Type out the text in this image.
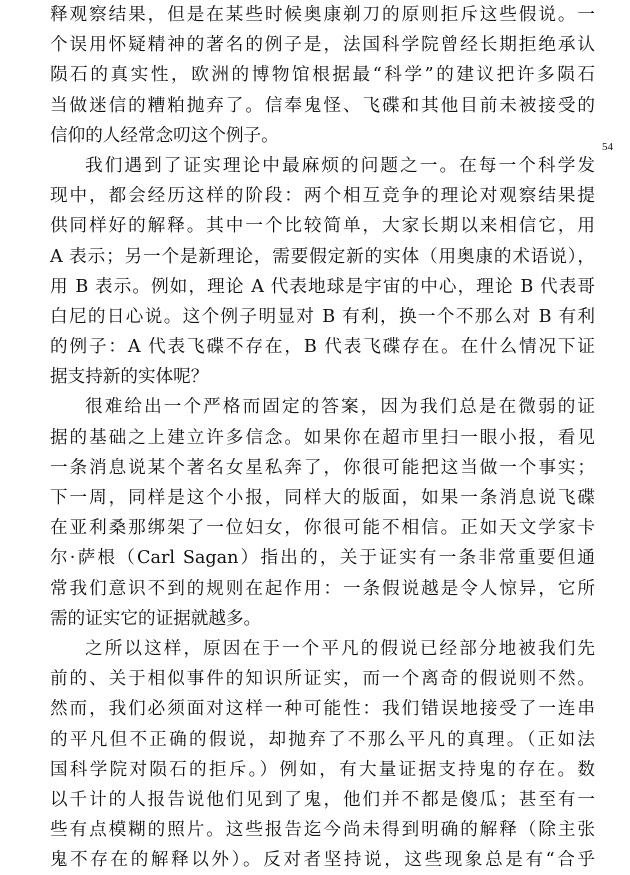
释观察结果，但是在某些时候奥康剃刀的原则拒斥这些假说。一
个误用怀疑精神的著名的例子是，法国科学院曾经长期拒绝承认
陨石的真实性，欧洲的博物馆根据最“科学”的建议把许多陨石
当做迷信的糟粕抛弃了。信奉鬼怪、飞碟和其他目前未被接受的
信仰的人经常念叨这个例子。
我们遇到了证实理论中最麻烦的问题之一。在每一个科学发
现中，都会经历这样的阶段：两个相互竞争的理论对观察结果提
供同样好的解释。其中一个比较简单，大家长期以来相信它，用
A 表示；另一个是新理论，需要假定新的实体（用奥康的术语说），
用 B 表示。例如，理论 A 代表地球是宇宙的中心，理论 B 代表哥
白尼的日心说。这个例子明显对 B 有利，换一个不那么对 B 有利
的例子：A 代表飞碟不存在，B 代表飞碟存在。在什么情况下证
据支持新的实体呢？
很难给出一个严格而固定的答案，因为我们总是在微弱的证
据的基础之上建立许多信念。如果你在超市里扫一眼小报，看见
一条消息说某个著名女星私奔了，你很可能把这当做一个事实；
下一周，同样是这个小报，同样大的版面，如果一条消息说飞碟
在亚利桑那绑架了一位妇女，你很可能不相信。正如天文学家卡
尔·萨根（Carl Sagan）指出的，关于证实有一条非常重要但通
常我们意识不到的规则在起作用：一条假说越是令人惊异，它所
需的证实它的证据就越多。
之所以这样，原因在于一个平凡的假说已经部分地被我们先
前的、关于相似事件的知识所证实，而一个离奇的假说则不然。
然而，我们必须面对这样一种可能性：我们错误地接受了一连串
的平凡但不正确的假说，却抛弃了不那么平凡的真理。（正如法
国科学院对陨石的拒斥。）例如，有大量证据支持鬼的存在。数
以千计的人报告说他们见到了鬼，他们并不都是傻瓜；甚至有一
些有点模糊的照片。这些报告迄今尚未得到明确的解释（除主张
鬼不存在的解释以外）。反对者坚持说，这些现象总是有“合乎
54
